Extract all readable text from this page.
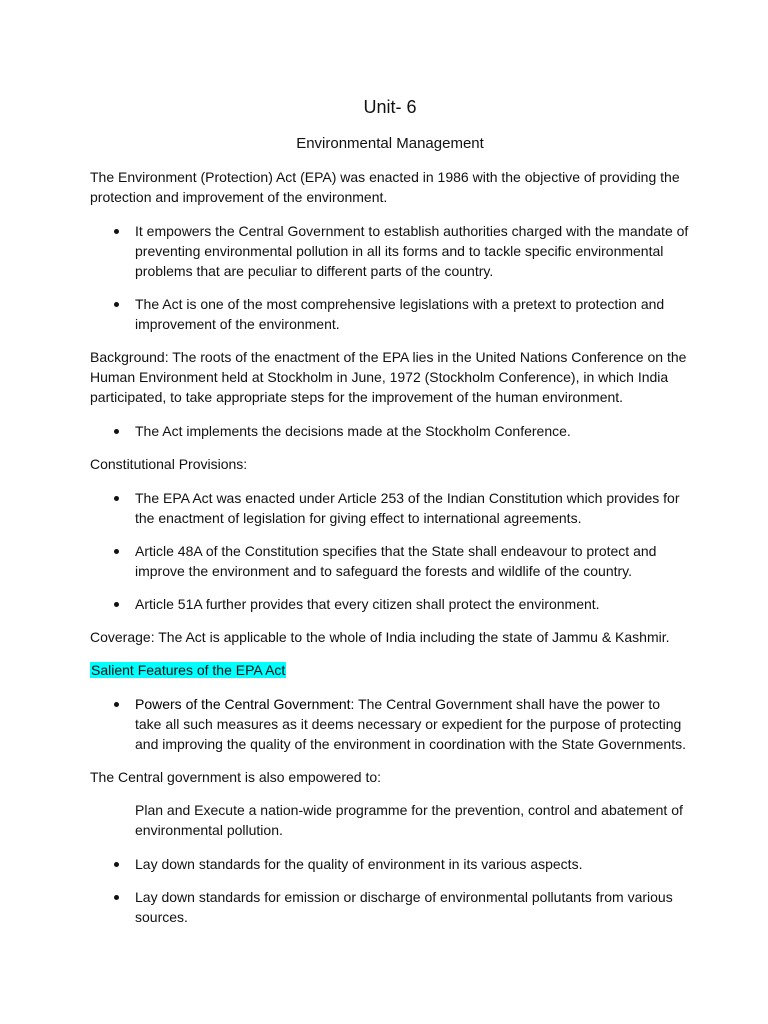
Unit- 6
Environmental Management

The Environment (Protection) Act (EPA) was enacted in 1986 with the objective of providing the protection and improvement of the environment.

It empowers the Central Government to establish authorities charged with the mandate of preventing environmental pollution in all its forms and to tackle specific environmental problems that are peculiar to different parts of the country.
The Act is one of the most comprehensive legislations with a pretext to protection and improvement of the environment.

Background: The roots of the enactment of the EPA lies in the United Nations Conference on the Human Environment held at Stockholm in June, 1972 (Stockholm Conference), in which India participated, to take appropriate steps for the improvement of the human environment.

The Act implements the decisions made at the Stockholm Conference.

Constitutional Provisions:

The EPA Act was enacted under Article 253 of the Indian Constitution which provides for the enactment of legislation for giving effect to international agreements.
Article 48A of the Constitution specifies that the State shall endeavour to protect and improve the environment and to safeguard the forests and wildlife of the country.
Article 51A further provides that every citizen shall protect the environment.

Coverage: The Act is applicable to the whole of India including the state of Jammu & Kashmir.

Salient Features of the EPA Act

Powers of the Central Government: The Central Government shall have the power to take all such measures as it deems necessary or expedient for the purpose of protecting and improving the quality of the environment in coordination with the State Governments.

The Central government is also empowered to:

Plan and Execute a nation-wide programme for the prevention, control and abatement of environmental pollution.

Lay down standards for the quality of environment in its various aspects.
Lay down standards for emission or discharge of environmental pollutants from various sources.
